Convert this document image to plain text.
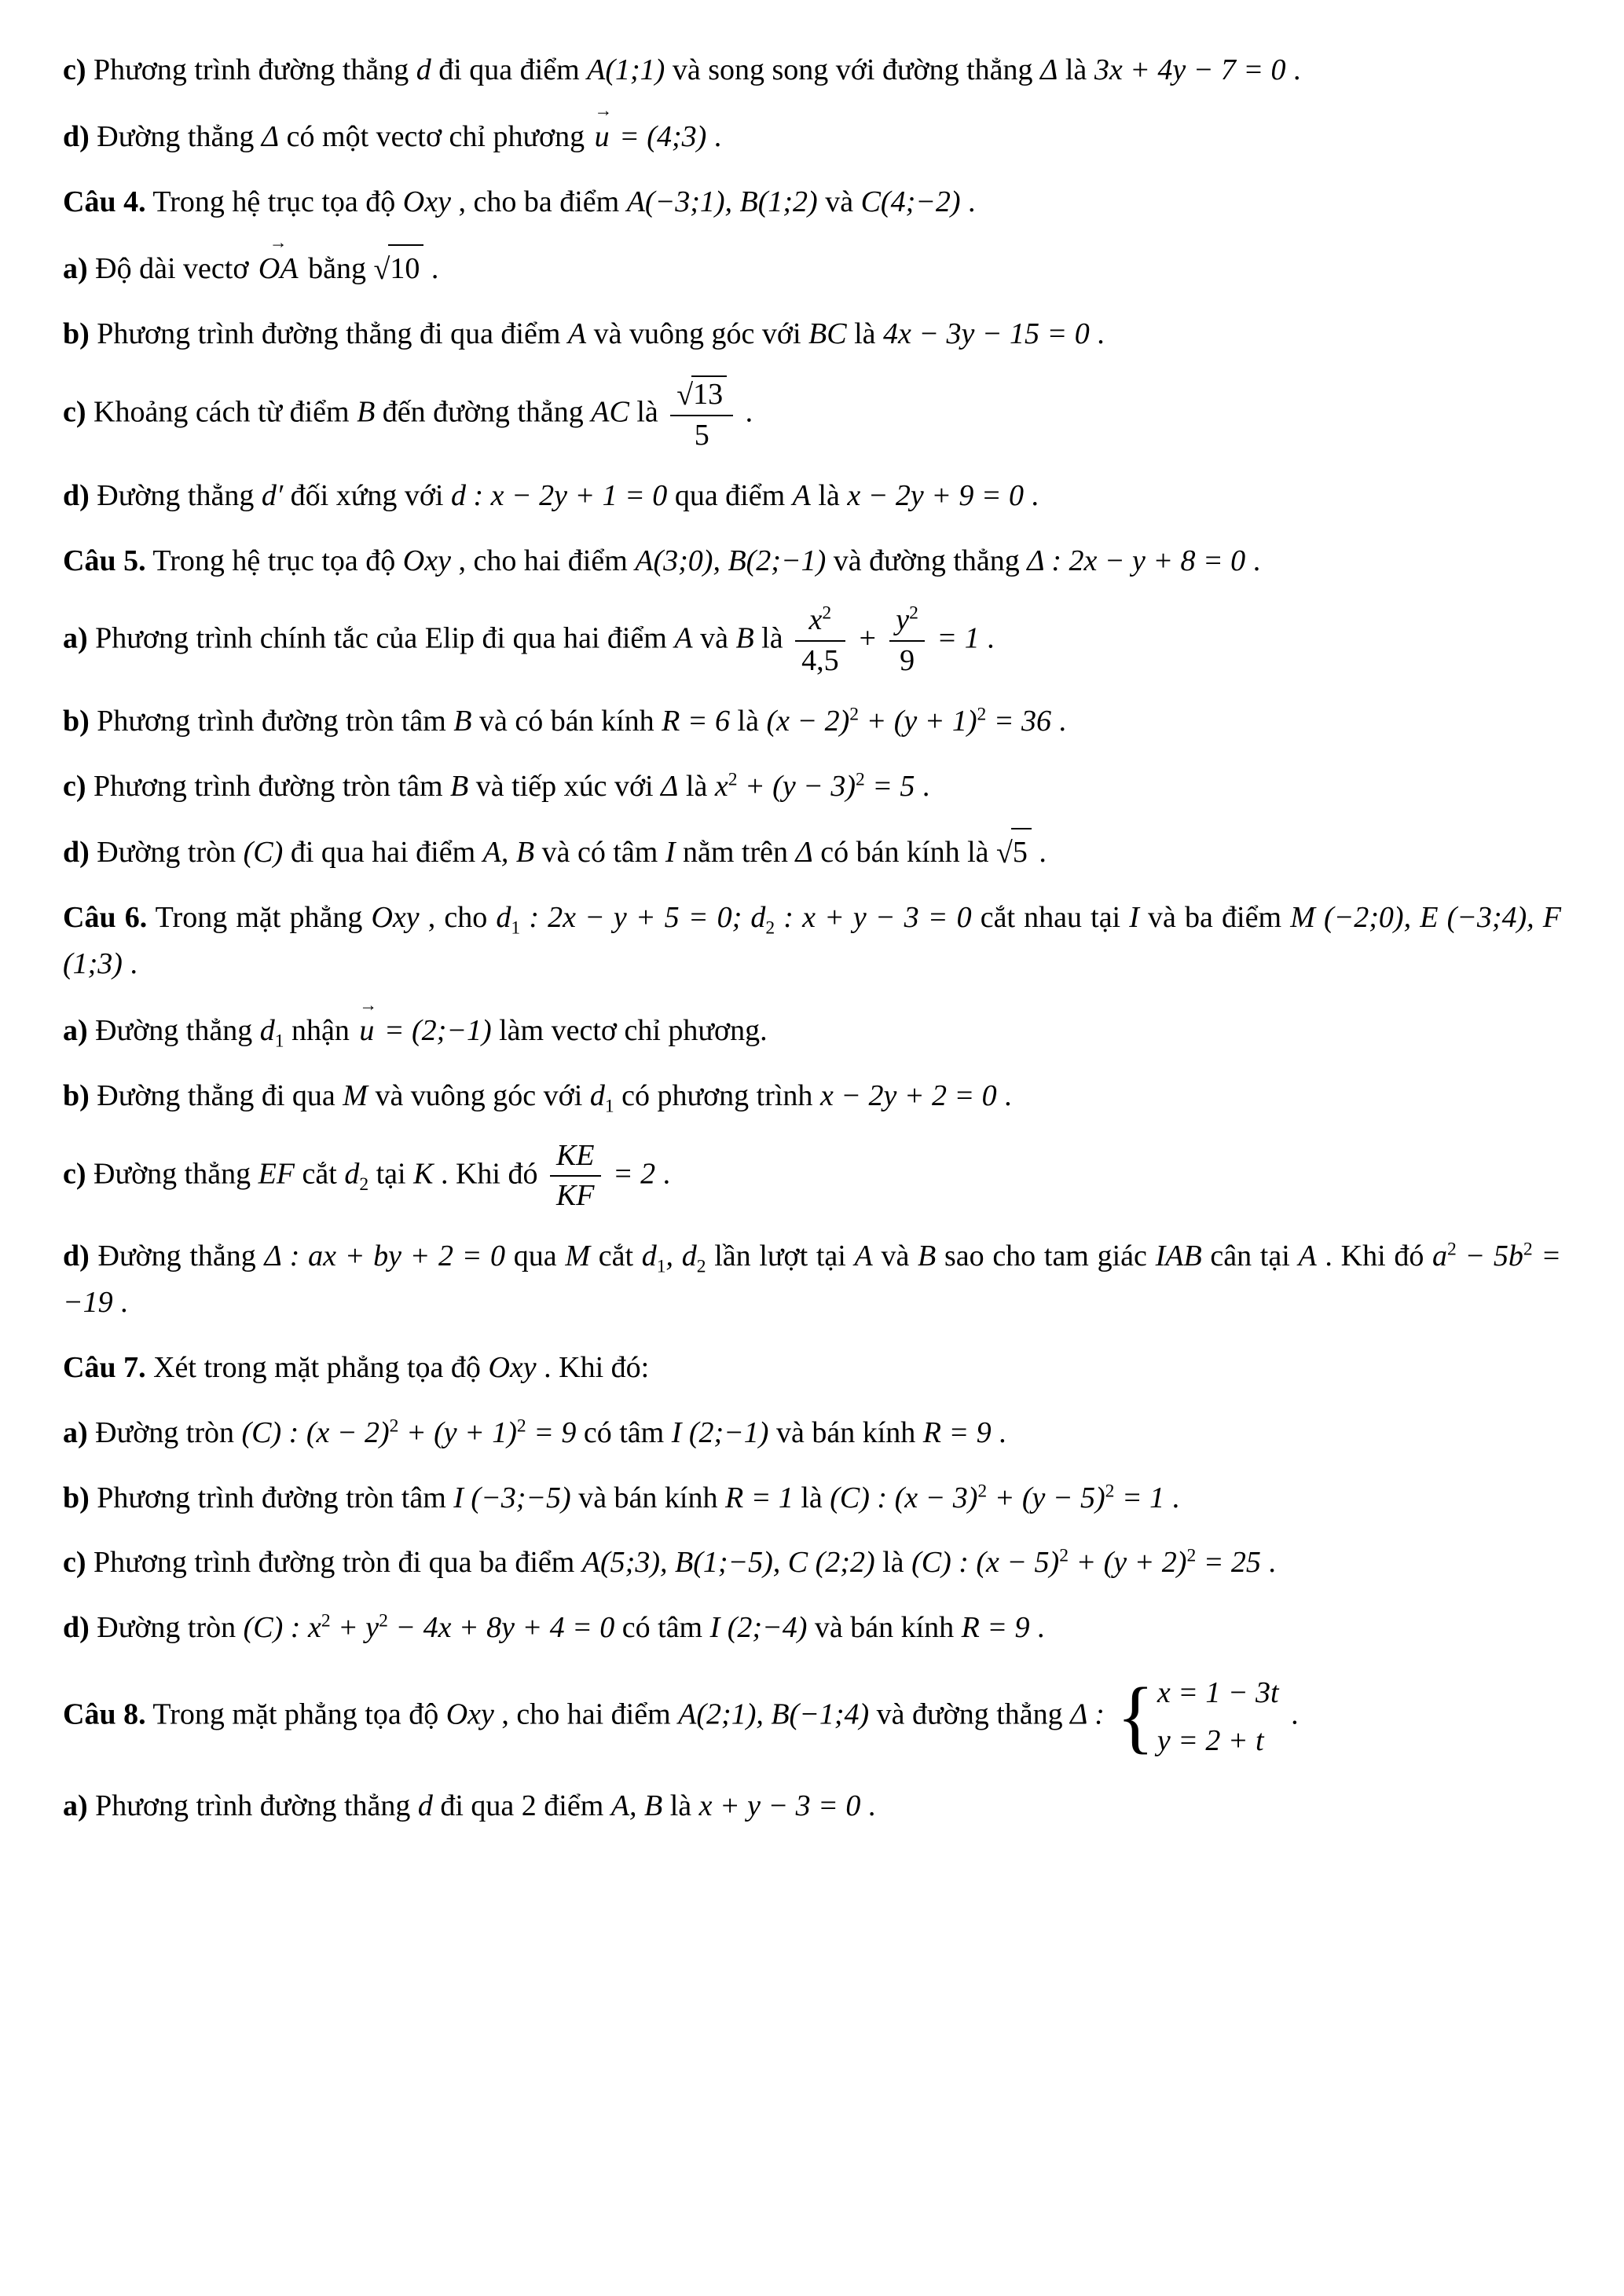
c) Phương trình đường thẳng d đi qua điểm A(1;1) và song song với đường thẳng Δ là 3x + 4y − 7 = 0 .
d) Đường thẳng Δ có một vectơ chỉ phương
→
u = (4;3) .
Câu 4. Trong hệ trục tọa độ Oxy , cho ba điểm A(−3;1), B(1;2) và C(4;−2) .
a) Độ dài vectơ
→
OA bằng √10 .
b) Phương trình đường thẳng đi qua điểm A và vuông góc với BC là 4x − 3y − 15 = 0 .
c) Khoảng cách từ điểm B đến đường thẳng AC là $\frac{√13}{5}$ .
d) Đường thẳng d′ đối xứng với d : x − 2y + 1 = 0 qua điểm A là x − 2y + 9 = 0 .
Câu 5. Trong hệ trục tọa độ Oxy , cho hai điểm A(3;0), B(2;−1) và đường thẳng Δ : 2x − y + 8 = 0 .
a) Phương trình chính tắc của Elip đi qua hai điểm A và B là $\frac{x^2}{4,5} + \frac{y^2}{9} = 1$ .
b) Phương trình đường tròn tâm B và có bán kính R = 6 là $(x - 2)^2 + (y + 1)^2 = 36$ .
c) Phương trình đường tròn tâm B và tiếp xúc với Δ là $x^2 + (y - 3)^2 = 5$ .
d) Đường tròn (C) đi qua hai điểm A, B và có tâm I nằm trên Δ có bán kính là √5 .
Câu 6. Trong mặt phẳng Oxy , cho $d_1$ : 2x − y + 5 = 0; $d_2$ : x + y − 3 = 0 cắt nhau tại I và ba điểm M (−2;0), E (−3;4), F (1;3) .
a) Đường thẳng $d_1$ nhận
→
u = (2;−1) làm vectơ chỉ phương.
b) Đường thẳng đi qua M và vuông góc với $d_1$ có phương trình x − 2y + 2 = 0 .
c) Đường thẳng EF cắt $d_2$ tại K . Khi đó $\frac{KE}{KF} = 2$ .
d) Đường thẳng Δ : ax + by + 2 = 0 qua M cắt $d_1$, $d_2$ lần lượt tại A và B sao cho tam giác IAB cân tại A . Khi đó $a^2 - 5b^2 = -19$ .
Câu 7. Xét trong mặt phẳng tọa độ Oxy . Khi đó:
a) Đường tròn (C) : $(x - 2)^2 + (y + 1)^2 = 9$ có tâm I (2;−1) và bán kính R = 9 .
b) Phương trình đường tròn tâm I (−3;−5) và bán kính R = 1 là (C) : $(x - 3)^2 + (y - 5)^2 = 1$ .
c) Phương trình đường tròn đi qua ba điểm A(5;3), B(1;−5), C (2;2) là (C) : $(x - 5)^2 + (y + 2)^2 = 25$ .
d) Đường tròn (C) : $x^2 + y^2 - 4x + 8y + 4 = 0$ có tâm I (2;−4) và bán kính R = 9 .
Câu 8. Trong mặt phẳng tọa độ Oxy , cho hai điểm A(2;1), B(−1;4) và đường thẳng Δ : { x = 1 − 3t
y = 2 + t
.
a) Phương trình đường thẳng d đi qua 2 điểm A, B là x + y − 3 = 0 .
